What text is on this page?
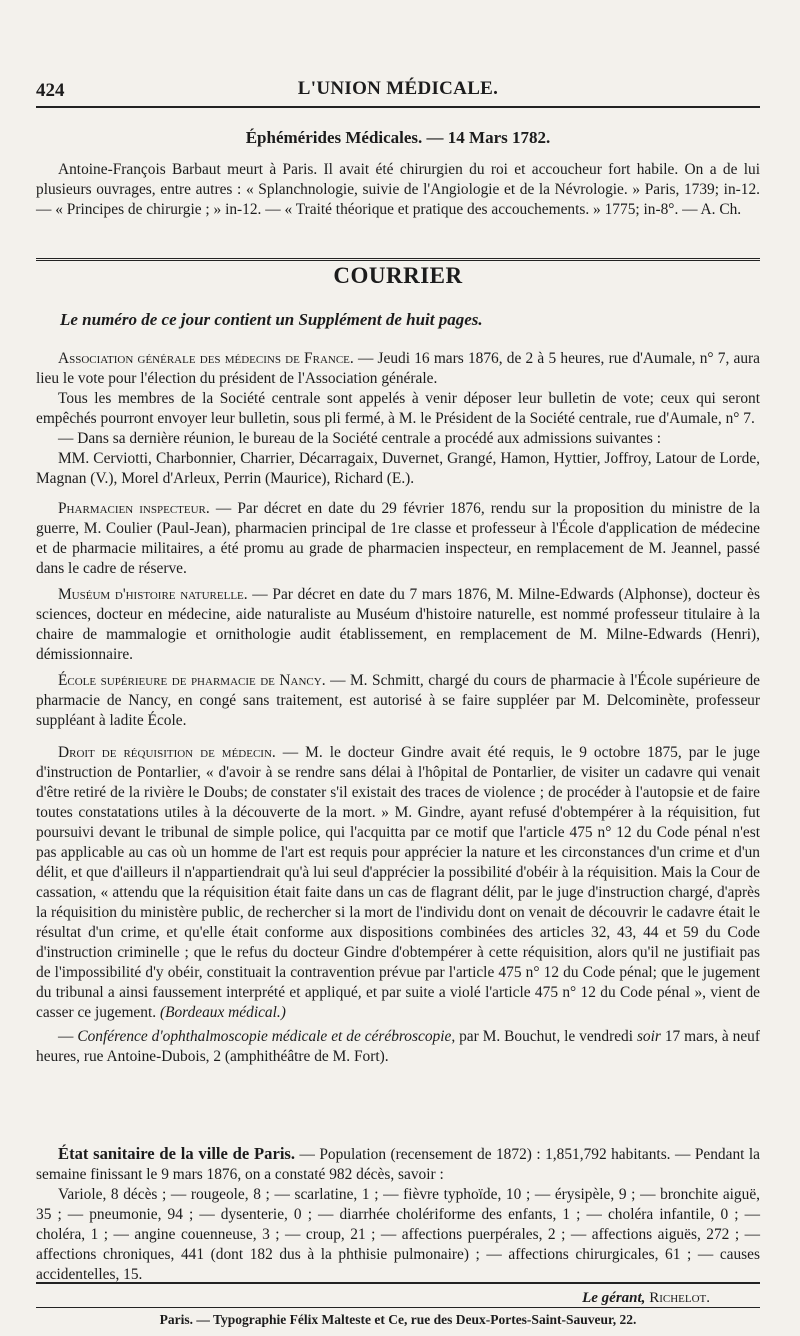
424	L'UNION MÉDICALE.
Éphémérides Médicales. — 14 Mars 1782.

Antoine-François Barbaut meurt à Paris. Il avait été chirurgien du roi et accoucheur fort habile. On a de lui plusieurs ouvrages, entre autres : « Splanchnologie, suivie de l'Angiologie et de la Névrologie. » Paris, 1739; in-12. — « Principes de chirurgie ; » in-12. — « Traité théorique et pratique des accouchements. » 1775; in-8°. — A. Ch.

COURRIER
Le numéro de ce jour contient un Supplément de huit pages.

Association générale des médecins de France. — Jeudi 16 mars 1876, de 2 à 5 heures, rue d'Aumale, n° 7, aura lieu le vote pour l'élection du président de l'Association générale.

Tous les membres de la Société centrale sont appelés à venir déposer leur bulletin de vote; ceux qui seront empêchés pourront envoyer leur bulletin, sous pli fermé, à M. le Président de la Société centrale, rue d'Aumale, n° 7.

— Dans sa dernière réunion, le bureau de la Société centrale a procédé aux admissions suivantes :

MM. Cerviotti, Charbonnier, Charrier, Décarragaix, Duvernet, Grangé, Hamon, Hyttier, Joffroy, Latour de Lorde, Magnan (V.), Morel d'Arleux, Perrin (Maurice), Richard (E.).

Pharmacien inspecteur. — Par décret en date du 29 février 1876, rendu sur la proposition du ministre de la guerre, M. Coulier (Paul-Jean), pharmacien principal de 1re classe et professeur à l'École d'application de médecine et de pharmacie militaires, a été promu au grade de pharmacien inspecteur, en remplacement de M. Jeannel, passé dans le cadre de réserve.

Muséum d'histoire naturelle. — Par décret en date du 7 mars 1876, M. Milne-Edwards (Alphonse), docteur ès sciences, docteur en médecine, aide naturaliste au Muséum d'histoire naturelle, est nommé professeur titulaire à la chaire de mammalogie et ornithologie audit établissement, en remplacement de M. Milne-Edwards (Henri), démissionnaire.

École supérieure de pharmacie de Nancy. — M. Schmitt, chargé du cours de pharmacie à l'École supérieure de pharmacie de Nancy, en congé sans traitement, est autorisé à se faire suppléer par M. Delcominète, professeur suppléant à ladite École.

Droit de réquisition de médecin. — M. le docteur Gindre avait été requis, le 9 octobre 1875, par le juge d'instruction de Pontarlier, « d'avoir à se rendre sans délai à l'hôpital de Pontarlier, de visiter un cadavre qui venait d'être retiré de la rivière le Doubs; de constater s'il existait des traces de violence ; de procéder à l'autopsie et de faire toutes constatations utiles à la découverte de la mort. » M. Gindre, ayant refusé d'obtempérer à la réquisition, fut poursuivi devant le tribunal de simple police, qui l'acquitta par ce motif que l'article 475 n° 12 du Code pénal n'est pas applicable au cas où un homme de l'art est requis pour apprécier la nature et les circonstances d'un crime et d'un délit, et que d'ailleurs il n'appartiendrait qu'à lui seul d'apprécier la possibilité d'obéir à la réquisition. Mais la Cour de cassation, « attendu que la réquisition était faite dans un cas de flagrant délit, par le juge d'instruction chargé, d'après la réquisition du ministère public, de rechercher si la mort de l'individu dont on venait de découvrir le cadavre était le résultat d'un crime, et qu'elle était conforme aux dispositions combinées des articles 32, 43, 44 et 59 du Code d'instruction criminelle ; que le refus du docteur Gindre d'obtempérer à cette réquisition, alors qu'il ne justifiait pas de l'impossibilité d'y obéir, constituait la contravention prévue par l'article 475 n° 12 du Code pénal; que le jugement du tribunal a ainsi faussement interprété et appliqué, et par suite a violé l'article 475 n° 12 du Code pénal », vient de casser ce jugement. (Bordeaux médical.)

— Conférence d'ophthalmoscopie médicale et de cérébroscopie, par M. Bouchut, le vendredi soir 17 mars, à neuf heures, rue Antoine-Dubois, 2 (amphithéâtre de M. Fort).

État sanitaire de la ville de Paris. — Population (recensement de 1872) : 1,851,792 habitants. — Pendant la semaine finissant le 9 mars 1876, on a constaté 982 décès, savoir :

Variole, 8 décès ; — rougeole, 8 ; — scarlatine, 1 ; — fièvre typhoïde, 10 ; — érysipèle, 9 ; — bronchite aiguë, 35 ; — pneumonie, 94 ; — dysenterie, 0 ; — diarrhée cholériforme des enfants, 1 ; — choléra infantile, 0 ; — choléra, 1 ; — angine couenneuse, 3 ; — croup, 21 ; — affections puerpérales, 2 ; — affections aiguës, 272 ; — affections chroniques, 441 (dont 182 dus à la phthisie pulmonaire) ; — affections chirurgicales, 61 ; — causes accidentelles, 15.

Le gérant, Richelot.
Paris. — Typographie Félix Malteste et Ce, rue des Deux-Portes-Saint-Sauveur, 22.
